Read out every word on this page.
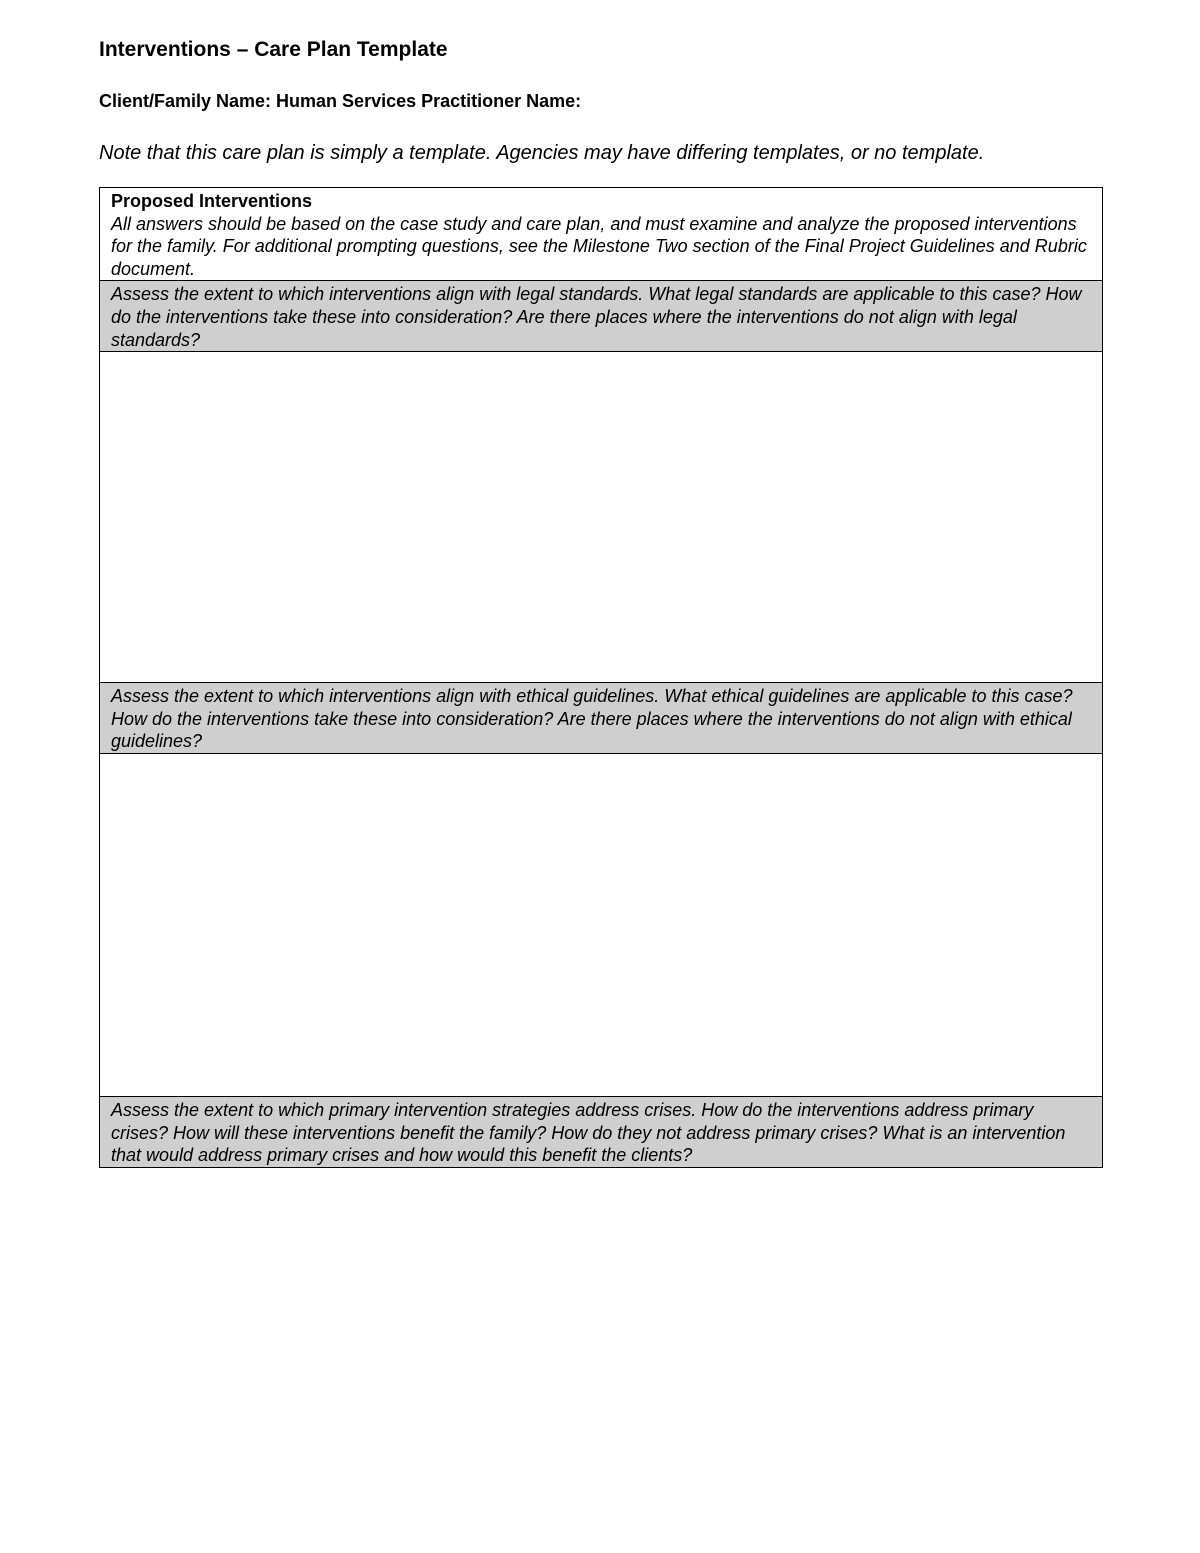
Interventions – Care Plan Template
Client/Family Name: Human Services Practitioner Name:
Note that this care plan is simply a template. Agencies may have differing templates, or no template.
Proposed Interventions
All answers should be based on the case study and care plan, and must examine and analyze the proposed interventions for the family. For additional prompting questions, see the Milestone Two section of the Final Project Guidelines and Rubric document.

Assess the extent to which interventions align with legal standards. What legal standards are applicable to this case? How do the interventions take these into consideration? Are there places where the interventions do not align with legal standards?

Assess the extent to which interventions align with ethical guidelines. What ethical guidelines are applicable to this case? How do the interventions take these into consideration? Are there places where the interventions do not align with ethical guidelines?

Assess the extent to which primary intervention strategies address crises. How do the interventions address primary crises? How will these interventions benefit the family? How do they not address primary crises? What is an intervention that would address primary crises and how would this benefit the clients?
